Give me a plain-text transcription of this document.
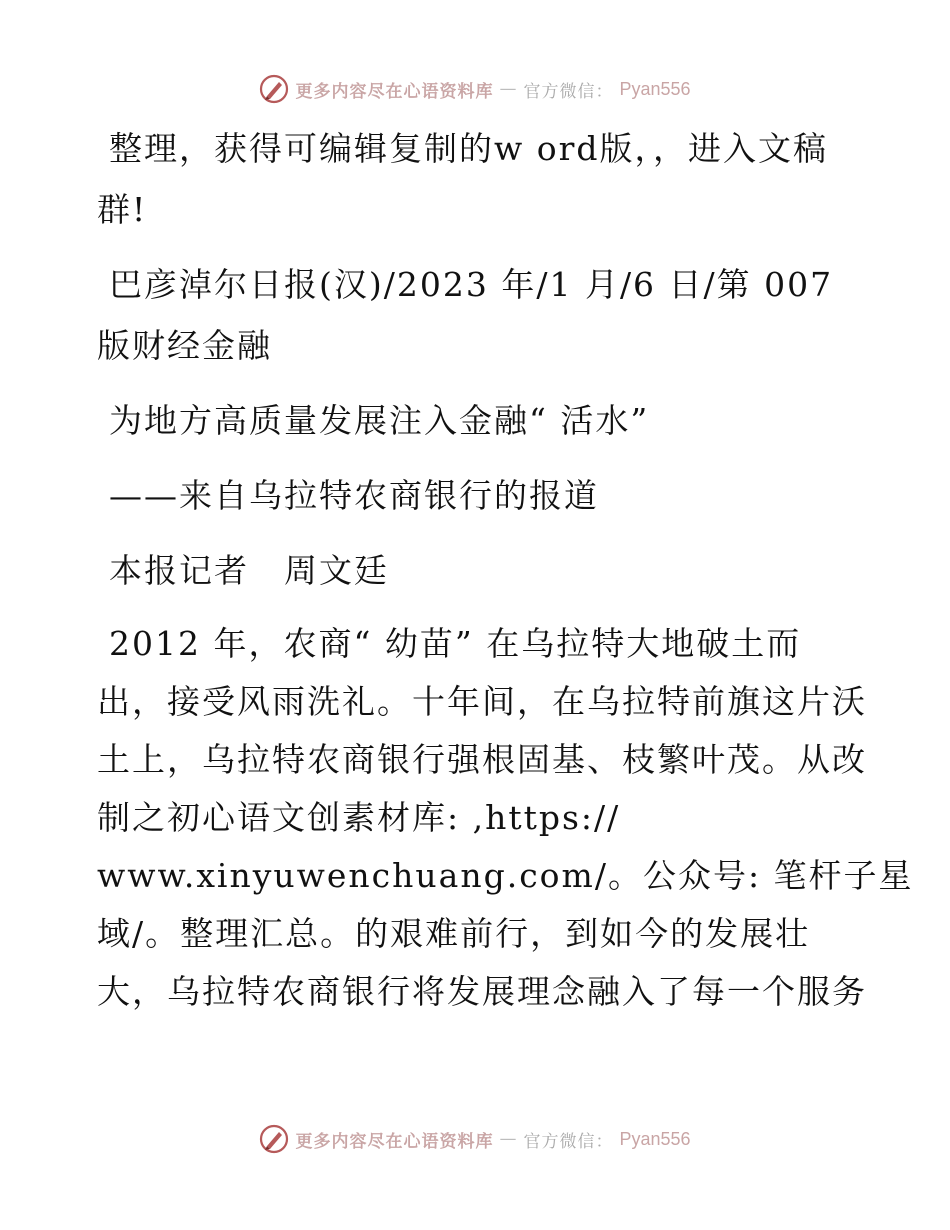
更多内容尽在心语资料库 — 官方微信： Pyan556

整理，获得可编辑复制的w ord版，，进入文稿群!

巴彦淖尔日报(汉)/2023 年/1 月/6 日/第 007 版财经金融

为地方高质量发展注入金融“ 活水”

——来自乌拉特农商银行的报道

本报记者　周文廷

2012 年，农商“ 幼苗” 在乌拉特大地破土而
出，接受风雨洗礼。十年间，在乌拉特前旗这片沃
土上，乌拉特农商银行强根固基、枝繁叶茂。从改
制之初心语文创素材库: ,https://
www.xinyuwenchuang.com/。公众号: 笔杆子星
域/。整理汇总。的艰难前行，到如今的发展壮
大，乌拉特农商银行将发展理念融入了每一个服务

更多内容尽在心语资料库 — 官方微信： Pyan556
